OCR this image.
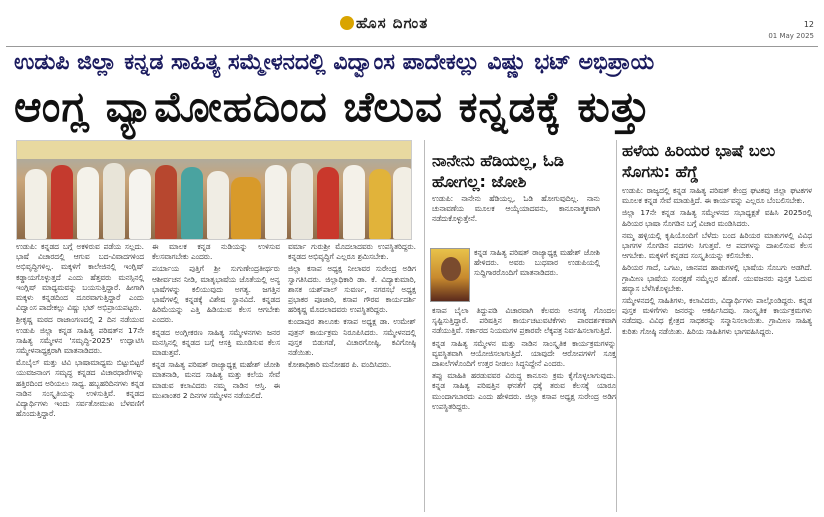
ಹೊಸ ದಿಗಂತ	12
01 May 2025
ಉಡುಪಿ ಜಿಲ್ಲಾ ಕನ್ನಡ ಸಾಹಿತ್ಯ ಸಮ್ಮೇಳನದಲ್ಲಿ ವಿದ್ವಾಂಸ ಪಾದೇಕಲ್ಲು ವಿಷ್ಣು ಭಟ್ ಅಭಿಪ್ರಾಯ
ಆಂಗ್ಲ ವ್ಯಾಮೋಹದಿಂದ ಚೆಲುವ ಕನ್ನಡಕ್ಕೆ ಕುತ್ತು

ಉಡುಪಿ: ಕನ್ನಡದ ಬಗ್ಗೆ ಅಕಳಿರುವ ಪಡೆಯ ಸಲ್ಲದು. ಭಾಷೆ ವಿಚಾರದಲ್ಲಿ ಆಗುವ ಬದ-ವಿವಾದಗಳಿಂದ ಅಭಿವೃದ್ಧಿಗಳಿಲ್ಲ. ಮಕ್ಕಳಿಗೆ ಕಾಲೇಜಿನಲ್ಲಿ ಇಂಗ್ಲಿಷ್ ಕಡ್ಡಾಯಗೊಳ್ಳುತ್ತದೆ ಎಂದು ಹೆತ್ತವರು ಮನಸ್ಸಿನಲ್ಲಿ ಇಂಗ್ಲಿಷ್ ಮಾಧ್ಯಮವನ್ನು ಬಯಸುತ್ತಿದ್ದಾರೆ. ಹೀಗಾಗಿ ಮಕ್ಕಳು ಕನ್ನಡದಿಂದ ದೂರವಾಗುತ್ತಿದ್ದಾರೆ ಎಂದು ವಿದ್ವಾಂಸ ಪಾದೇಕಲ್ಲು ವಿಷ್ಣು ಭಟ್ ಅಭಿಪ್ರಾಯಪಟ್ಟರು.

ಶ್ರೀಕೃಷ್ಣ ಮಠದ ರಾಜಾಂಗಣದಲ್ಲಿ 2 ದಿನ ನಡೆಯುವ ಉಡುಪಿ ಜಿಲ್ಲಾ ಕನ್ನಡ ಸಾಹಿತ್ಯ ಪರಿಷತ್‌ನ 17ನೇ ಸಾಹಿತ್ಯ ಸಮ್ಮೇಳನ 'ಸಮೃದ್ಧಿ-2025' ಉದ್ಘಾಟಿಸಿ ಸಮ್ಮೇಳನಾಧ್ಯಕ್ಷರಾಗಿ ಮಾತನಾಡಿದರು.

ಮೊಬೈಲ್ ಮತ್ತು ಟಿವಿ ಭಾಷಾಮಾಧ್ಯಮ ಬಿಟ್ಟುಬಿಟ್ಟರೆ ಯುವಜನಾಂಗ ಸಮೃದ್ಧ ಕನ್ನಡದ ವಿಚಾರಧಾರೆಗಳನ್ನು ಹತ್ತಿರದಿಂದ ಅರಿಯಲು ಸಾಧ್ಯ. ಹಬ್ಬಹರಿದಿನಗಳು ಕನ್ನಡ ನಾಡಿನ ಸಂಸ್ಕೃತಿಯನ್ನು ಉಳಿಸುತ್ತಿವೆ. ಕನ್ನಡದ ವಿದ್ಯಾರ್ಥಿಗಳು ಇಂದು ಸರ್ವತೋಮುಖ ಬೆಳವಣಿಗೆ ಹೊಂದುತ್ತಿದ್ದಾರೆ.

ಈ ಮಾಲಕ ಕನ್ನಡ ನುಡಿಯನ್ನು ಉಳಿಸುವ ಕೆಲಸವಾಗಬೇಕು ಎಂದರು.

ಪರ್ಯಾಯ ಪುತ್ತಿಗೆ ಶ್ರೀ ಸುಗುಣೇಂದ್ರತೀರ್ಥರು ಆಶೀರ್ವಚನ ನೀಡಿ, ಮಾತೃಭಾಷೆಯ ಜೊತೆಯಲ್ಲಿ ಅನ್ಯ ಭಾಷೆಗಳನ್ನು ಕಲಿಯುವುದು ಅಗತ್ಯ. ಜಗತ್ತಿನ ಭಾಷೆಗಳಲ್ಲಿ ಕನ್ನಡಕ್ಕೆ ವಿಶೇಷ ಸ್ಥಾನವಿದೆ. ಕನ್ನಡದ ಹಿರಿಮೆಯನ್ನು ಎತ್ತಿ ಹಿಡಿಯುವ ಕೆಲಸ ಆಗಬೇಕು ಎಂದರು.

ಕನ್ನಡದ ಅಂಗ್ಲೀಕರಣ ಸಾಹಿತ್ಯ ಸಮ್ಮೇಳನಗಳು ಜನರ ಮನಸ್ಸಿನಲ್ಲಿ ಕನ್ನಡದ ಬಗ್ಗೆ ಆಸಕ್ತಿ ಮೂಡಿಸುವ ಕೆಲಸ ಮಾಡುತ್ತವೆ.

ಕನ್ನಡ ಸಾಹಿತ್ಯ ಪರಿಷತ್ ರಾಜ್ಯಾಧ್ಯಕ್ಷ ಮಹೇಶ್ ಜೋಶಿ ಮಾತನಾಡಿ, ಮನದ ಸಾಹಿತ್ಯ ಮತ್ತು ಕಲೆಯ ಸೇವೆ ಮಾಡುವ ಕಲಾವಿದರು ನಮ್ಮ ನಾಡಿನ ಆಸ್ತಿ. ಈ ಮುಖಾಂತರ 2 ದಿನಗಳ ಸಮ್ಮೇಳನ ನಡೆಯಲಿದೆ.

ವರ್ಮಾ ಗುರುಶ್ರೀ ಮೊದಲಾದವರು ಉಪಸ್ಥಿತರಿದ್ದರು. ಕನ್ನಡದ ಅಭಿವೃದ್ಧಿಗೆ ಎಲ್ಲರೂ ಶ್ರಮಿಸಬೇಕು.

ಜಿಲ್ಲಾ ಕಸಾಪ ಅಧ್ಯಕ್ಷ ನೀಲಾವರ ಸುರೇಂದ್ರ ಅಡಿಗ ಸ್ವಾಗತಿಸಿದರು. ಜಿಲ್ಲಾಧಿಕಾರಿ ಡಾ. ಕೆ. ವಿದ್ಯಾಕುಮಾರಿ, ಶಾಸಕ ಯಶ್‌ಪಾಲ್ ಸುವರ್ಣ, ನಗರಸಭೆ ಅಧ್ಯಕ್ಷ ಪ್ರಭಾಕರ ಪೂಜಾರಿ, ಕಸಾಪ ಗೌರವ ಕಾರ್ಯದರ್ಶಿ ಹರಿಕೃಷ್ಣ ಮೊದಲಾದವರು ಉಪಸ್ಥಿತರಿದ್ದರು.

ಕುಂದಾಪುರ ತಾಲೂಕು ಕಸಾಪ ಅಧ್ಯಕ್ಷ ಡಾ. ಉಮೇಶ್ ಪುತ್ರನ್ ಕಾರ್ಯಕ್ರಮ ನಿರೂಪಿಸಿದರು. ಸಮ್ಮೇಳನದಲ್ಲಿ ಪುಸ್ತಕ ಬಿಡುಗಡೆ, ವಿಚಾರಗೋಷ್ಠಿ, ಕವಿಗೋಷ್ಠಿ ನಡೆಯಿತು.

ಕೋಶಾಧಿಕಾರಿ ಮನೋಹರ ಪಿ. ವಂದಿಸಿದರು.

ನಾನೇನು ಹೆಡಿಯಲ್ಲ, ಓಡಿ ಹೋಗಲ್ಲ: ಜೋಶಿ

ಉಡುಪಿ: ನಾನೇನು ಹೆಡಿಯಲ್ಲ, ಓಡಿ ಹೋಗುವುದಿಲ್ಲ. ನಾನು ಚುನಾವಣೆಯ ಮೂಲಕ ಆಯ್ಕೆಯಾದವನು, ಕಾನೂನಾತ್ಮಕವಾಗಿ ನಡೆದುಕೊಳ್ಳುತ್ತೇನೆ.

ಕನ್ನಡ ಸಾಹಿತ್ಯ ಪರಿಷತ್ ರಾಜ್ಯಾಧ್ಯಕ್ಷ ಮಹೇಶ್ ಜೋಶಿ ಹೇಳಿದರು. ಅವರು ಬುಧವಾರ ಉಡುಪಿಯಲ್ಲಿ ಸುದ್ದಿಗಾರರೊಂದಿಗೆ ಮಾತನಾಡಿದರು.

ಕಸಾಪ ಬೈಲಾ ತಿದ್ದುಪಡಿ ವಿಚಾರವಾಗಿ ಕೆಲವರು ಅನಗತ್ಯ ಗೊಂದಲ ಸೃಷ್ಟಿಸುತ್ತಿದ್ದಾರೆ. ಪರಿಷತ್ತಿನ ಕಾರ್ಯಚಟುವಟಿಕೆಗಳು ಪಾರದರ್ಶಕವಾಗಿ ನಡೆಯುತ್ತಿವೆ. ಸರ್ಕಾರದ ನಿಯಮಗಳ ಪ್ರಕಾರವೇ ಲೆಕ್ಕಪತ್ರ ನಿರ್ವಹಿಸಲಾಗುತ್ತಿದೆ.

ಕನ್ನಡ ಸಾಹಿತ್ಯ ಸಮ್ಮೇಳನ ಮತ್ತು ನಾಡಿನ ಸಾಂಸ್ಕೃತಿಕ ಕಾರ್ಯಕ್ರಮಗಳನ್ನು ವ್ಯವಸ್ಥಿತವಾಗಿ ಆಯೋಜಿಸಲಾಗುತ್ತಿದೆ. ಯಾವುದೇ ಆರೋಪಗಳಿಗೆ ಸೂಕ್ತ ದಾಖಲೆಗಳೊಂದಿಗೆ ಉತ್ತರ ನೀಡಲು ಸಿದ್ಧನಿದ್ದೇನೆ ಎಂದರು.

ತಪ್ಪು ಮಾಹಿತಿ ಹರಡುವವರ ವಿರುದ್ಧ ಕಾನೂನು ಕ್ರಮ ಕೈಗೊಳ್ಳಲಾಗುವುದು. ಕನ್ನಡ ಸಾಹಿತ್ಯ ಪರಿಷತ್ತಿನ ಘನತೆಗೆ ಧಕ್ಕೆ ತರುವ ಕೆಲಸಕ್ಕೆ ಯಾರೂ ಮುಂದಾಗಬಾರದು ಎಂದು ಹೇಳಿದರು. ಜಿಲ್ಲಾ ಕಸಾಪ ಅಧ್ಯಕ್ಷ ಸುರೇಂದ್ರ ಅಡಿಗ ಉಪಸ್ಥಿತರಿದ್ದರು.

ಹಳೆಯ ಹಿರಿಯರ ಭಾಷೆ ಬಲು ಸೊಗಸು: ಹೆಗ್ಡೆ

ಉಡುಪಿ: ರಾಜ್ಯದಲ್ಲಿ ಕನ್ನಡ ಸಾಹಿತ್ಯ ಪರಿಷತ್ ಕೇಂದ್ರ ಘಟಕವು ಜಿಲ್ಲಾ ಘಟಕಗಳ ಮೂಲಕ ಕನ್ನಡ ಸೇವೆ ಮಾಡುತ್ತಿದೆ. ಈ ಕಾರ್ಯವನ್ನು ಎಲ್ಲರೂ ಬೆಂಬಲಿಸಬೇಕು.

ಜಿಲ್ಲಾ 17ನೇ ಕನ್ನಡ ಸಾಹಿತ್ಯ ಸಮ್ಮೇಳನದ ಸಭಾಧ್ಯಕ್ಷತೆ ವಹಿಸಿ 2025ರಲ್ಲಿ ಹಿರಿಯರ ಭಾಷಾ ಸೊಗಡಿನ ಬಗ್ಗೆ ವಿಚಾರ ಮಂಡಿಸಿದರು.

ನಮ್ಮ ಹಳ್ಳಿಯಲ್ಲಿ ಕೃಷಿಯೊಂದಿಗೆ ಬೆಳೆದು ಬಂದ ಹಿರಿಯರ ಮಾತುಗಳಲ್ಲಿ ವಿವಿಧ ಭಾಗಗಳ ಸೊಗಡಿನ ಪದಗಳು ಸಿಗುತ್ತವೆ. ಆ ಪದಗಳನ್ನು ದಾಖಲಿಸುವ ಕೆಲಸ ಆಗಬೇಕು. ಮಕ್ಕಳಿಗೆ ಕನ್ನಡದ ಸಂಸ್ಕೃತಿಯನ್ನು ಕಲಿಸಬೇಕು.

ಹಿರಿಯರ ಗಾದೆ, ಒಗಟು, ಜಾನಪದ ಹಾಡುಗಳಲ್ಲಿ ಭಾಷೆಯ ಸೊಬಗು ಅಡಗಿದೆ. ಗ್ರಾಮೀಣ ಭಾಷೆಯ ಸಂರಕ್ಷಣೆ ನಮ್ಮೆಲ್ಲರ ಹೊಣೆ. ಯುವಜನರು ಪುಸ್ತಕ ಓದುವ ಹವ್ಯಾಸ ಬೆಳೆಸಿಕೊಳ್ಳಬೇಕು.

ಸಮ್ಮೇಳನದಲ್ಲಿ ಸಾಹಿತಿಗಳು, ಕಲಾವಿದರು, ವಿದ್ಯಾರ್ಥಿಗಳು ಪಾಲ್ಗೊಂಡಿದ್ದರು. ಕನ್ನಡ ಪುಸ್ತಕ ಮಳಿಗೆಗಳು ಜನರನ್ನು ಆಕರ್ಷಿಸಿದವು. ಸಾಂಸ್ಕೃತಿಕ ಕಾರ್ಯಕ್ರಮಗಳು ನಡೆದವು. ವಿವಿಧ ಕ್ಷೇತ್ರದ ಸಾಧಕರನ್ನು ಸನ್ಮಾನಿಸಲಾಯಿತು. ಗ್ರಾಮೀಣ ಸಾಹಿತ್ಯ ಕುರಿತು ಗೋಷ್ಠಿ ನಡೆಯಿತು. ಹಿರಿಯ ಸಾಹಿತಿಗಳು ಭಾಗವಹಿಸಿದ್ದರು.
